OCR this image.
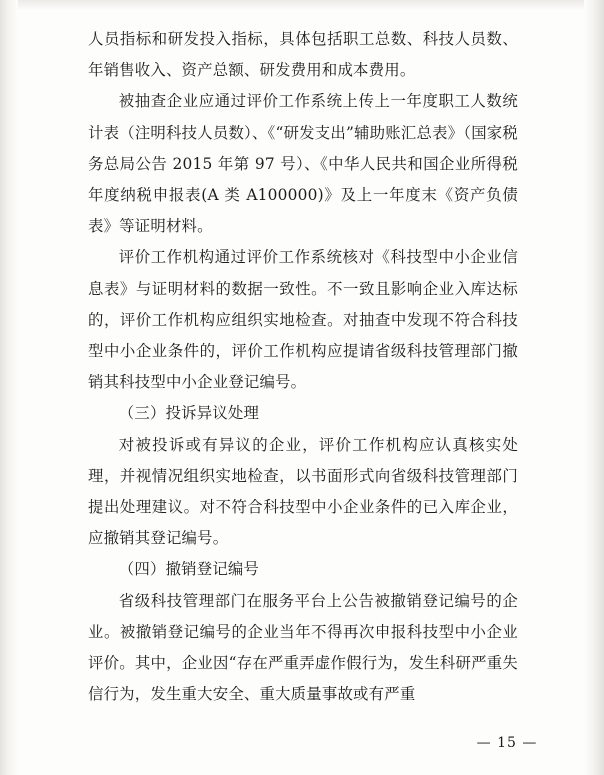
人员指标和研发投入指标，具体包括职工总数、科技人员数、年销售收入、资产总额、研发费用和成本费用。

被抽查企业应通过评价工作系统上传上一年度职工人数统计表（注明科技人员数）、《“研发支出”辅助账汇总表》（国家税务总局公告 2015 年第 97 号）、《中华人民共和国企业所得税年度纳税申报表(A 类 A100000)》及上一年度末《资产负债表》等证明材料。

评价工作机构通过评价工作系统核对《科技型中小企业信息表》与证明材料的数据一致性。不一致且影响企业入库达标的，评价工作机构应组织实地检查。对抽查中发现不符合科技型中小企业条件的，评价工作机构应提请省级科技管理部门撤销其科技型中小企业登记编号。

（三）投诉异议处理

对被投诉或有异议的企业，评价工作机构应认真核实处理，并视情况组织实地检查，以书面形式向省级科技管理部门提出处理建议。对不符合科技型中小企业条件的已入库企业，应撤销其登记编号。

（四）撤销登记编号

省级科技管理部门在服务平台上公告被撤销登记编号的企业。被撤销登记编号的企业当年不得再次申报科技型中小企业评价。其中，企业因“存在严重弄虚作假行为，发生科研严重失信行为，发生重大安全、重大质量事故或有严重

— 15 —
